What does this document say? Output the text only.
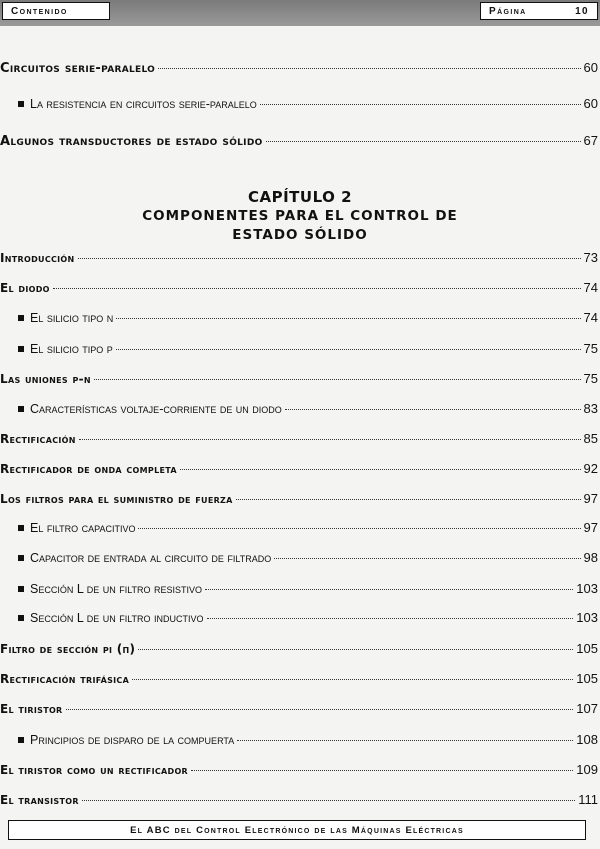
Contenido	Página	10
Circuitos serie-paralelo	60
La resistencia en circuitos serie-paralelo	60
Algunos transductores de estado sólido	67
CAPÍTULO 2
COMPONENTES PARA EL CONTROL DE
ESTADO SÓLIDO
Introducción	73
El diodo	74
El silicio tipo n	74
El silicio tipo p	75
Las uniones p-n	75
Características voltaje-corriente de un diodo	83
Rectificación	85
Rectificador de onda completa	92
Los filtros para el suministro de fuerza	97
El filtro capacitivo	97
Capacitor de entrada al circuito de filtrado	98
Sección L de un filtro resistivo	103
Sección L de un filtro inductivo	103
Filtro de sección pi (π)	105
Rectificación trifásica	105
El tiristor	107
Principios de disparo de la compuerta	108
El tiristor como un rectificador	109
El transistor	111
El ABC del Control Electrónico de las Máquinas Eléctricas
